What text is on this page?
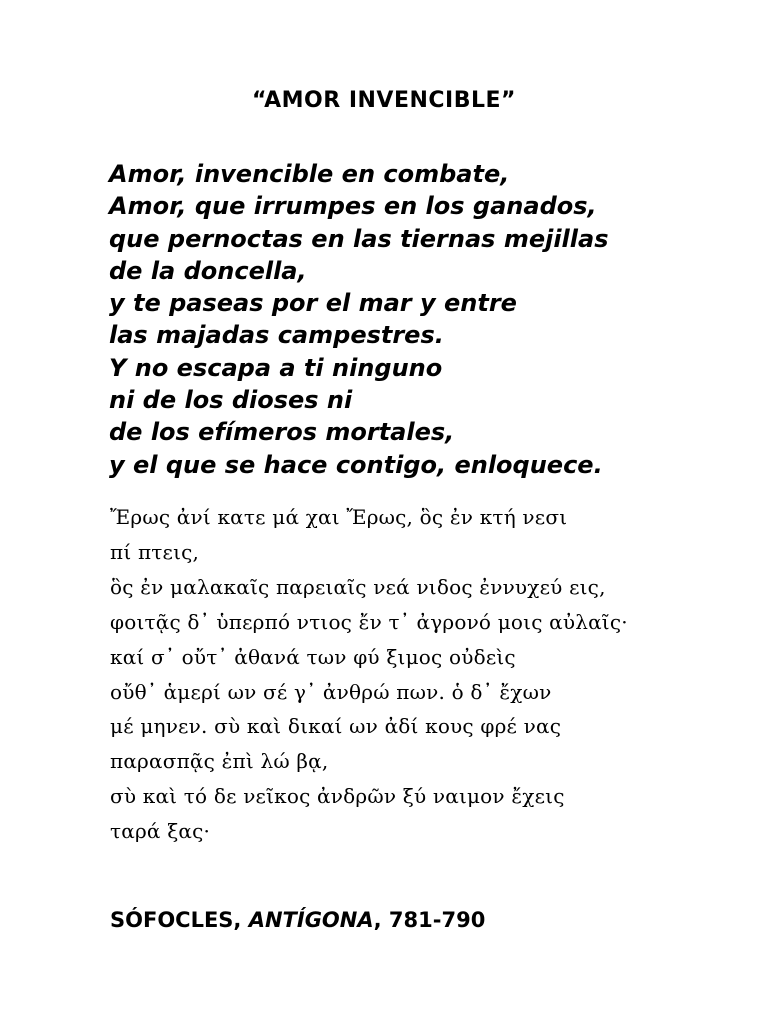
“AMOR INVENCIBLE”
Amor, invencible en combate,
Amor, que irrumpes en los ganados,
que pernoctas en las tiernas mejillas
de la doncella,
y te paseas por el mar y entre
las majadas campestres.
Y no escapa a ti ninguno
ni de los dioses ni
de los efímeros mortales,
y el que se hace contigo, enloquece.
Ἔρως ἀνί κατε μά χαι Ἔρως, ὃς ἐν κτή νεσι
πί πτεις,
ὃς ἐν μαλακαῖς παρειαῖς νεά νιδος ἐννυχεύ εις,
φοιτᾷς δ᾽ ὑπερπό ντιος ἔν τ᾽ ἀγρονό μοις αὐλαῖς·
καί σ᾽ οὔτ᾽ ἀθανά των φύ ξιμος οὐδεὶς
οὔθ᾽ ἁμερί ων σέ γ᾽ ἀνθρώ πων. ὁ δ᾽ ἔχων
μέ μηνεν. σὺ καὶ δικαί ων ἀδί κους φρέ νας
παρασπᾷς ἐπὶ λώ βᾳ,
σὺ καὶ τό δε νεῖκος ἀνδρῶν ξύ ναιμον ἔχεις
ταρά ξας·
SÓFOCLES, ANTÍGONA, 781-790
